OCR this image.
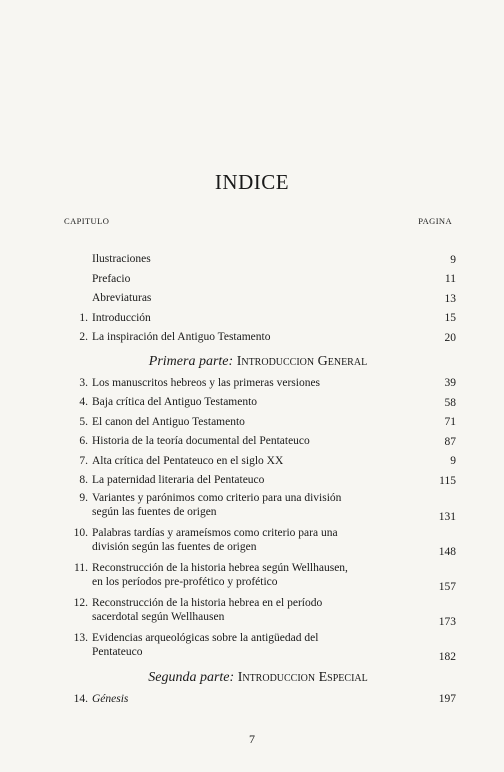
INDICE
CAPITULO	PAGINA
Ilustraciones	9
Prefacio	11
Abreviaturas	13
1. Introducción	15
2. La inspiración del Antiguo Testamento	20
Primera parte: Introduccion General
3. Los manuscritos hebreos y las primeras versiones	39
4. Baja crítica del Antiguo Testamento	58
5. El canon del Antiguo Testamento	71
6. Historia de la teoría documental del Pentateuco	87
7. Alta crítica del Pentateuco en el siglo XX	9
8. La paternidad literaria del Pentateuco	115
9. Variantes y parónimos como criterio para una división
según las fuentes de origen	131
10. Palabras tardías y arameísmos como criterio para una
división según las fuentes de origen	148
11. Reconstrucción de la historia hebrea según Wellhausen,
en los períodos pre-profético y profético	157
12. Reconstrucción de la historia hebrea en el período
sacerdotal según Wellhausen	173
13. Evidencias arqueológicas sobre la antigüedad del
Pentateuco	182
Segunda parte: Introduccion Especial
14. Génesis	197
7
